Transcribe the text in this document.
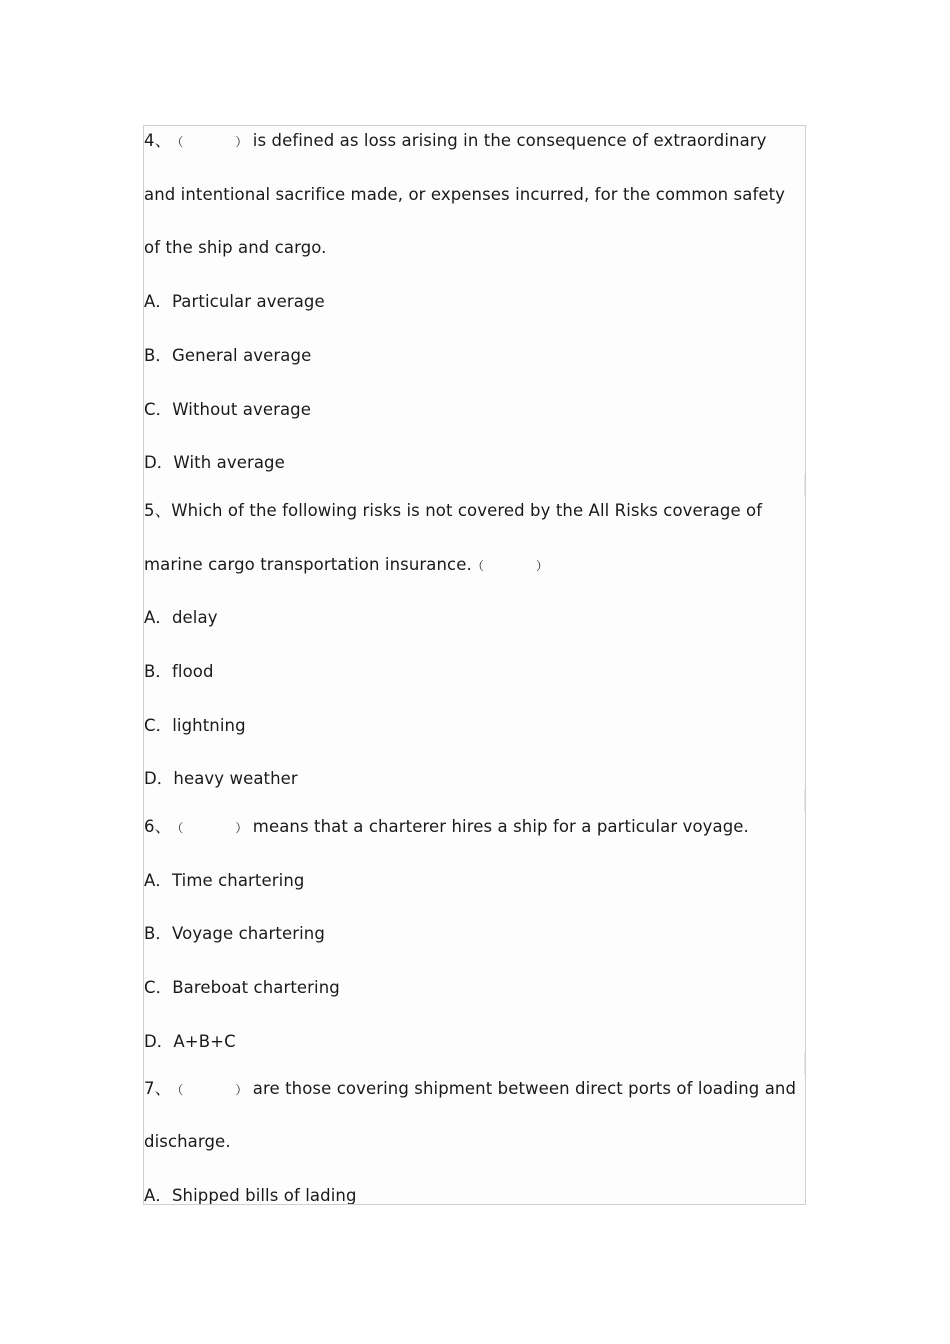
4、（	） is defined as loss arising in the consequence of extraordinary
and intentional sacrifice made, or expenses incurred, for the common safety
of the ship and cargo.
A．Particular average
B．General average
C．Without average
D．With average
5、Which of the following risks is not covered by the All Risks coverage of
marine cargo transportation insurance.（	）
A．delay
B．flood
C．lightning
D．heavy weather
6、（	） means that a charterer hires a ship for a particular voyage.
A．Time chartering
B．Voyage chartering
C．Bareboat chartering
D．A+B+C
7、（	） are those covering shipment between direct ports of loading and
discharge.
A．Shipped bills of lading
